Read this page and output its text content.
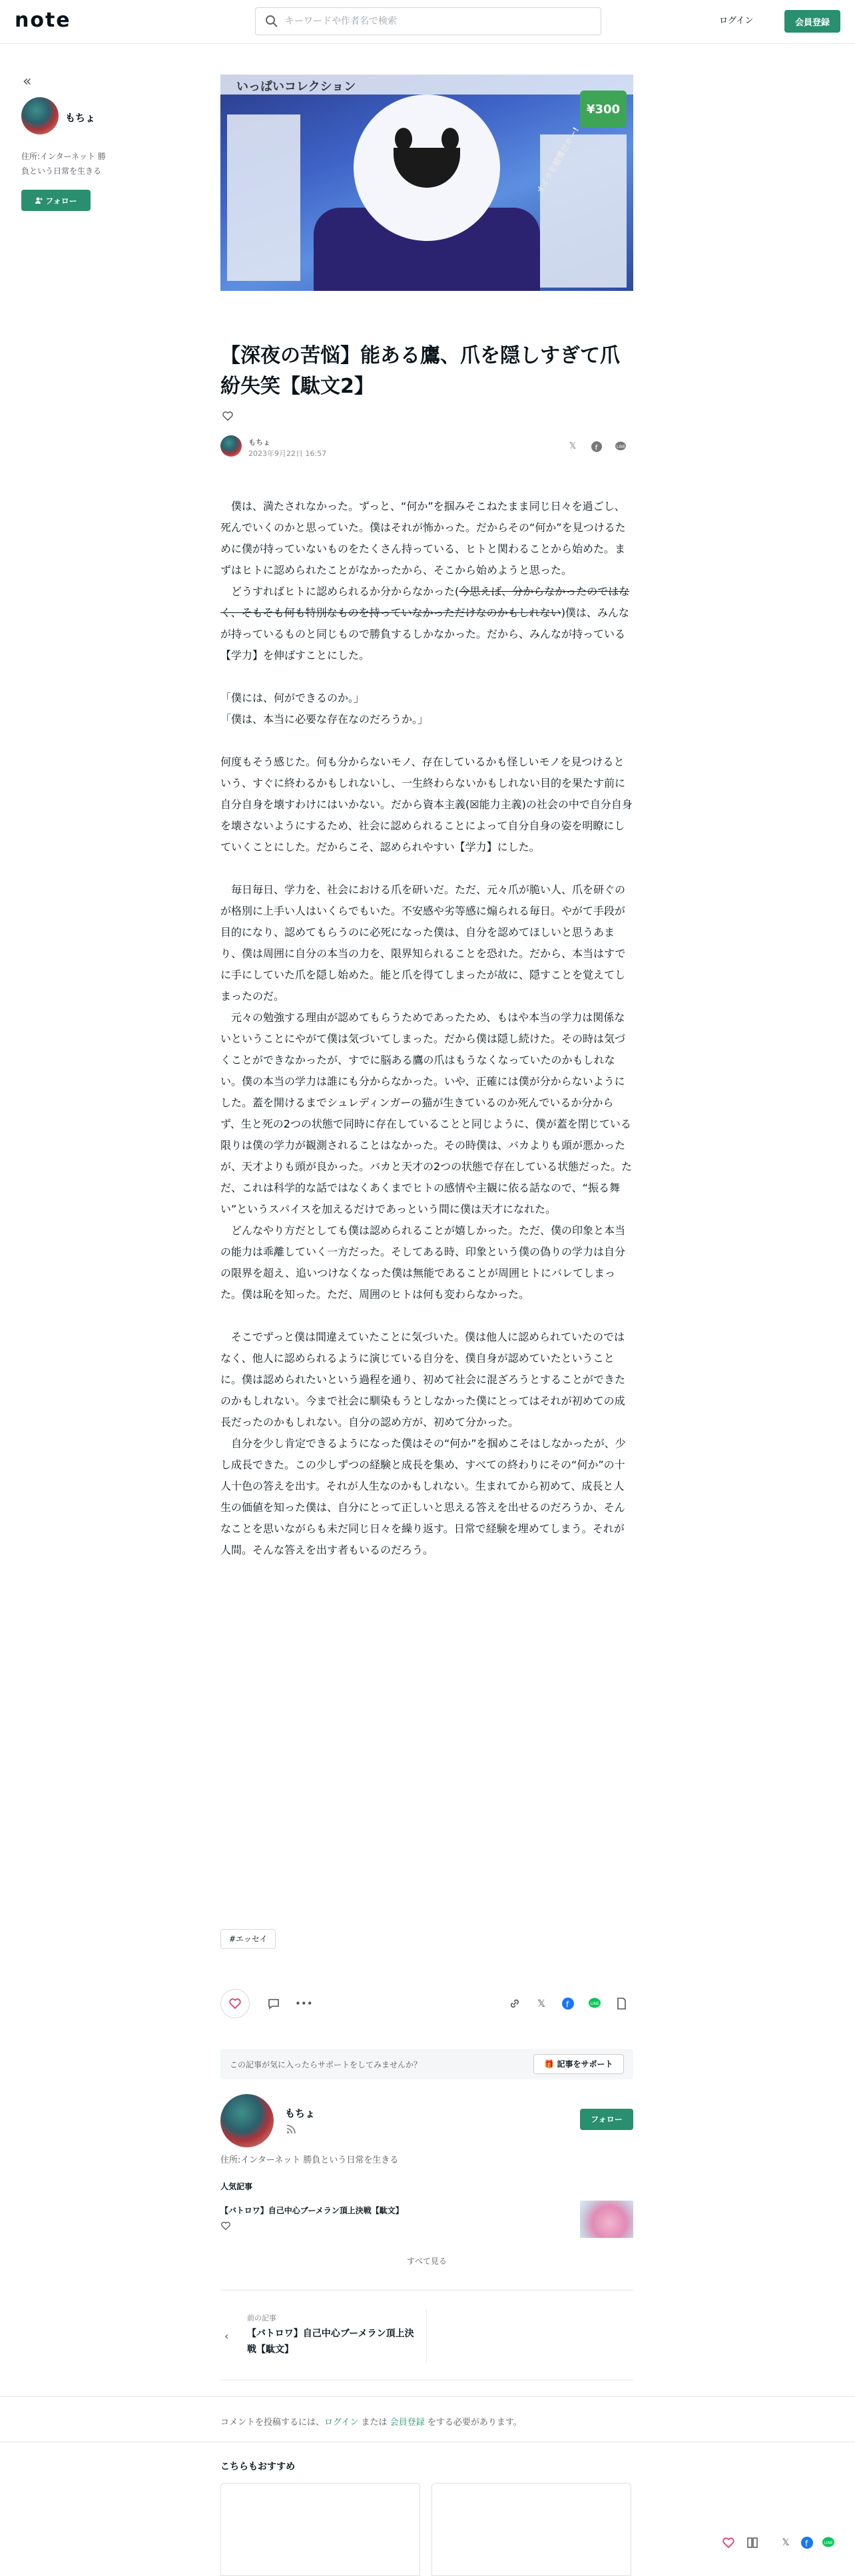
note
キーワードや作者名で検索	ログイン	会員登録
«
もちょ
住所:インターネット 勝負という日常を生きる
フォロー
いっぱいコレクション
¥300
オイラを捕獲だホー!
【深夜の苦悩】能ある鷹、爪を隠しすぎて爪紛失笑【駄文2】
もちょ
2023年9月22日 16:57
𝕏	f	LINE

　僕は、満たされなかった。ずっと、“何か”を掴みそこねたまま同じ日々を過ごし、死んでいくのかと思っていた。僕はそれが怖かった。だからその“何か”を見つけるために僕が持っていないものをたくさん持っている、ヒトと関わることから始めた。まずはヒトに認められたことがなかったから、そこから始めようと思った。

　どうすればヒトに認められるか分からなかった(今思えば、分からなかったのではなく、そもそも何も特別なものを持っていなかっただけなのかもしれない)僕は、みんなが持っているものと同じもので勝負するしかなかった。だから、みんなが持っている【学力】を伸ばすことにした。

「僕には、何ができるのか。」

「僕は、本当に必要な存在なのだろうか。」

何度もそう感じた。何も分からないモノ、存在しているかも怪しいモノを見つけるという、すぐに終わるかもしれないし、一生終わらないかもしれない目的を果たす前に自分自身を壊すわけにはいかない。だから資本主義(☒能力主義)の社会の中で自分自身を壊さないようにするため、社会に認められることによって自分自身の姿を明瞭にしていくことにした。だからこそ、認められやすい【学力】にした。

　毎日毎日、学力を、社会における爪を研いだ。ただ、元々爪が脆い人、爪を研ぐのが格別に上手い人はいくらでもいた。不安感や劣等感に煽られる毎日。やがて手段が目的になり、認めてもらうのに必死になった僕は、自分を認めてほしいと思うあまり、僕は周囲に自分の本当の力を、限界知られることを恐れた。だから、本当はすでに手にしていた爪を隠し始めた。能と爪を得てしまったが故に、隠すことを覚えてしまったのだ。

　元々の勉強する理由が認めてもらうためであったため、もはや本当の学力は関係ないということにやがて僕は気づいてしまった。だから僕は隠し続けた。その時は気づくことができなかったが、すでに脳ある鷹の爪はもうなくなっていたのかもしれない。僕の本当の学力は誰にも分からなかった。いや、正確には僕が分からないようにした。蓋を開けるまでシュレディンガーの猫が生きているのか死んでいるか分からず、生と死の2つの状態で同時に存在していることと同じように、僕が蓋を閉じている限りは僕の学力が観測されることはなかった。その時僕は、バカよりも頭が悪かったが、天才よりも頭が良かった。バカと天才の2つの状態で存在している状態だった。ただ、これは科学的な話ではなくあくまでヒトの感情や主観に依る話なので、“振る舞い”というスパイスを加えるだけであっという間に僕は天才になれた。

　どんなやり方だとしても僕は認められることが嬉しかった。ただ、僕の印象と本当の能力は乖離していく一方だった。そしてある時、印象という僕の偽りの学力は自分の限界を超え、追いつけなくなった僕は無能であることが周囲ヒトにバレてしまった。僕は恥を知った。ただ、周囲のヒトは何も変わらなかった。

　そこでずっと僕は間違えていたことに気づいた。僕は他人に認められていたのではなく、他人に認められるように演じている自分を、僕自身が認めていたということに。僕は認められたいという過程を通り、初めて社会に混ざろうとすることができたのかもしれない。今まで社会に馴染もうとしなかった僕にとってはそれが初めての成長だったのかもしれない。自分の認め方が、初めて分かった。

　自分を少し肯定できるようになった僕はその“何か”を掴めこそはしなかったが、少し成長できた。この少しずつの経験と成長を集め、すべての終わりにその“何か”の十人十色の答えを出す。それが人生なのかもしれない。生まれてから初めて、成長と人生の価値を知った僕は、自分にとって正しいと思える答えを出せるのだろうか、そんなことを思いながらも未だ同じ日々を繰り返す。日常で経験を埋めてしまう。それが人間。そんな答えを出す者もいるのだろう。

#エッセイ
•••	𝕏	f	LINE
この記事が気に入ったらサポートをしてみませんか？	🎁 記事をサポート
もちょ	フォロー
住所:インターネット 勝負という日常を生きる
人気記事
【バトロワ】自己中心ブーメラン頂上決戦【駄文】
すべて見る
‹
前の記事
【バトロワ】自己中心ブーメラン頂上決戦【駄文】
コメントを投稿するには、ログイン または 会員登録 をする必要があります。
こちらもおすすめ
𝕏	f	LINE
